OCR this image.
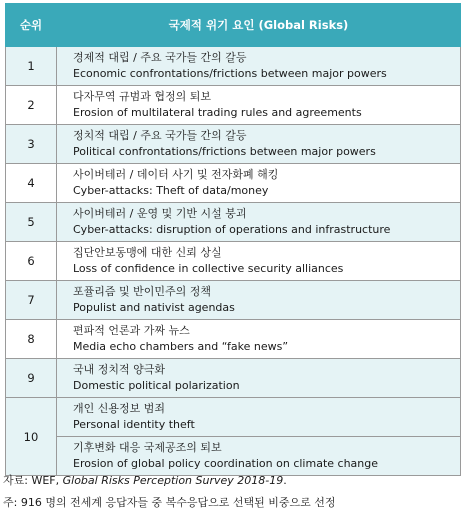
순위	국제적 위기 요인 (Global Risks)
1	경제적 대립 / 주요 국가들 간의 갈등
Economic confrontations/frictions between major powers

2	다자무역 규범과 협정의 퇴보
Erosion of multilateral trading rules and agreements

3	정치적 대립 / 주요 국가들 간의 갈등
Political confrontations/frictions between major powers

4	사이버테러 / 데이터 사기 및 전자화폐 해킹
Cyber-attacks: Theft of data/money

5	사이버테러 / 운영 및 기반 시설 붕괴
Cyber-attacks: disruption of operations and infrastructure

6	집단안보동맹에 대한 신뢰 상실
Loss of confidence in collective security alliances

7	포퓰리즘 및 반이민주의 정책
Populist and nativist agendas

8	편파적 언론과 가짜 뉴스
Media echo chambers and “fake news”

9	국내 정치적 양극화
Domestic political polarization

10	개인 신용정보 범죄
Personal identity theft

	기후변화 대응 국제공조의 퇴보
Erosion of global policy coordination on climate change
자료: WEF, Global Risks Perception Survey 2018-19.
주: 916 명의 전세계 응답자들 중 복수응답으로 선택된 비중으로 선정
